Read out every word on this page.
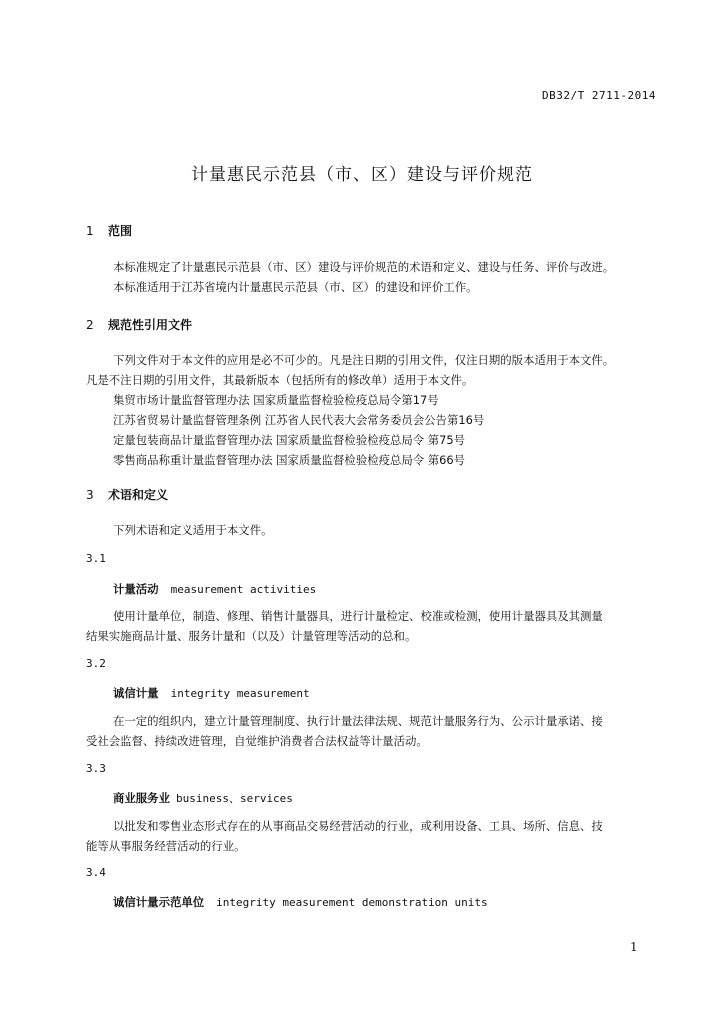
DB32/T 2711-2014
计量惠民示范县（市、区）建设与评价规范
1 范围
本标准规定了计量惠民示范县（市、区）建设与评价规范的术语和定义、建设与任务、评价与改进。
本标准适用于江苏省境内计量惠民示范县（市、区）的建设和评价工作。
2 规范性引用文件
下列文件对于本文件的应用是必不可少的。凡是注日期的引用文件，仅注日期的版本适用于本文件。
凡是不注日期的引用文件，其最新版本（包括所有的修改单）适用于本文件。
集贸市场计量监督管理办法 国家质量监督检验检疫总局令第17号
江苏省贸易计量监督管理条例 江苏省人民代表大会常务委员会公告第16号
定量包装商品计量监督管理办法 国家质量监督检验检疫总局令 第75号
零售商品称重计量监督管理办法 国家质量监督检验检疫总局令 第66号
3 术语和定义
下列术语和定义适用于本文件。
3.1
计量活动 measurement activities
使用计量单位，制造、修理、销售计量器具，进行计量检定、校准或检测，使用计量器具及其测量
结果实施商品计量、服务计量和（以及）计量管理等活动的总和。
3.2
诚信计量 integrity measurement
在一定的组织内，建立计量管理制度、执行计量法律法规、规范计量服务行为、公示计量承诺、接
受社会监督、持续改进管理，自觉维护消费者合法权益等计量活动。
3.3
商业服务业 business、services
以批发和零售业态形式存在的从事商品交易经营活动的行业，或利用设备、工具、场所、信息、技
能等从事服务经营活动的行业。
3.4
诚信计量示范单位 integrity measurement demonstration units
1
